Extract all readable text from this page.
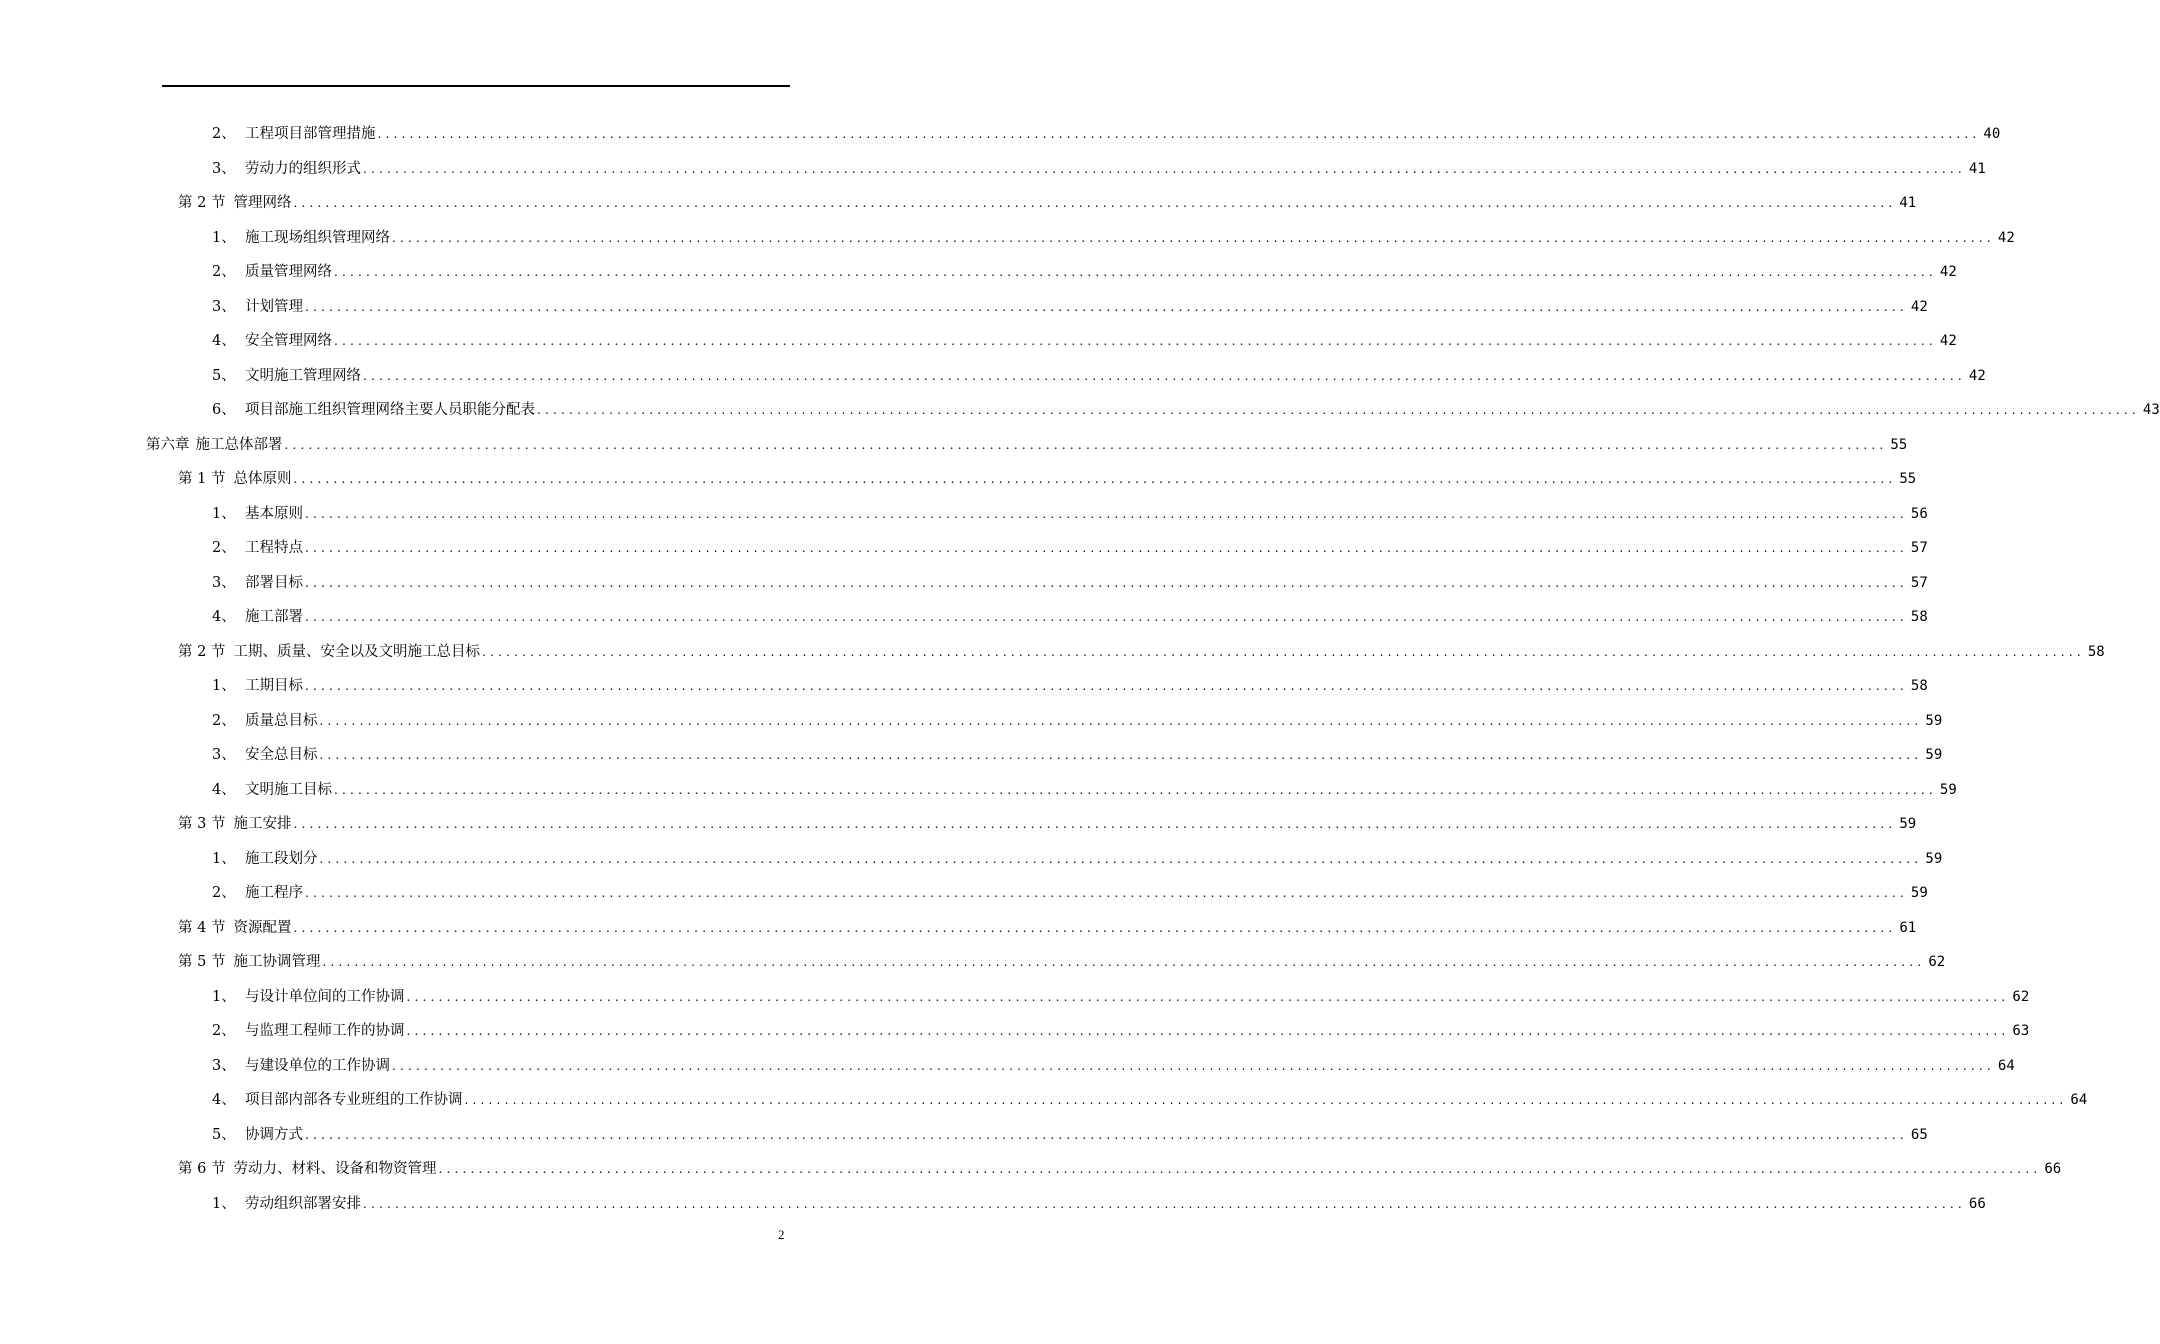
2、 工程项目部管理措施 ........................................................................................................................................................................................................ 40
3、 劳动力的组织形式 ........................................................................................................................................................................................................ 41
第 2 节 管理网络 ........................................................................................................................................................................................................ 41
1、 施工现场组织管理网络 ........................................................................................................................................................................................................ 42
2、 质量管理网络 ........................................................................................................................................................................................................ 42
3、 计划管理 ........................................................................................................................................................................................................ 42
4、 安全管理网络 ........................................................................................................................................................................................................ 42
5、 文明施工管理网络 ........................................................................................................................................................................................................ 42
6、 项目部施工组织管理网络主要人员职能分配表 ........................................................................................................................................................................................................ 43
第六章 施工总体部署 ........................................................................................................................................................................................................ 55
第 1 节 总体原则 ........................................................................................................................................................................................................ 55
1、 基本原则 ........................................................................................................................................................................................................ 56
2、 工程特点 ........................................................................................................................................................................................................ 57
3、 部署目标 ........................................................................................................................................................................................................ 57
4、 施工部署 ........................................................................................................................................................................................................ 58
第 2 节 工期、质量、安全以及文明施工总目标 ........................................................................................................................................................................................................ 58
1、 工期目标 ........................................................................................................................................................................................................ 58
2、 质量总目标 ........................................................................................................................................................................................................ 59
3、 安全总目标 ........................................................................................................................................................................................................ 59
4、 文明施工目标 ........................................................................................................................................................................................................ 59
第 3 节 施工安排 ........................................................................................................................................................................................................ 59
1、 施工段划分 ........................................................................................................................................................................................................ 59
2、 施工程序 ........................................................................................................................................................................................................ 59
第 4 节 资源配置 ........................................................................................................................................................................................................ 61
第 5 节 施工协调管理 ........................................................................................................................................................................................................ 62
1、 与设计单位间的工作协调 ........................................................................................................................................................................................................ 62
2、 与监理工程师工作的协调 ........................................................................................................................................................................................................ 63
3、 与建设单位的工作协调 ........................................................................................................................................................................................................ 64
4、 项目部内部各专业班组的工作协调 ........................................................................................................................................................................................................ 64
5、 协调方式 ........................................................................................................................................................................................................ 65
第 6 节 劳动力、材料、设备和物资管理 ........................................................................................................................................................................................................ 66
1、 劳动组织部署安排 ........................................................................................................................................................................................................ 66
2
